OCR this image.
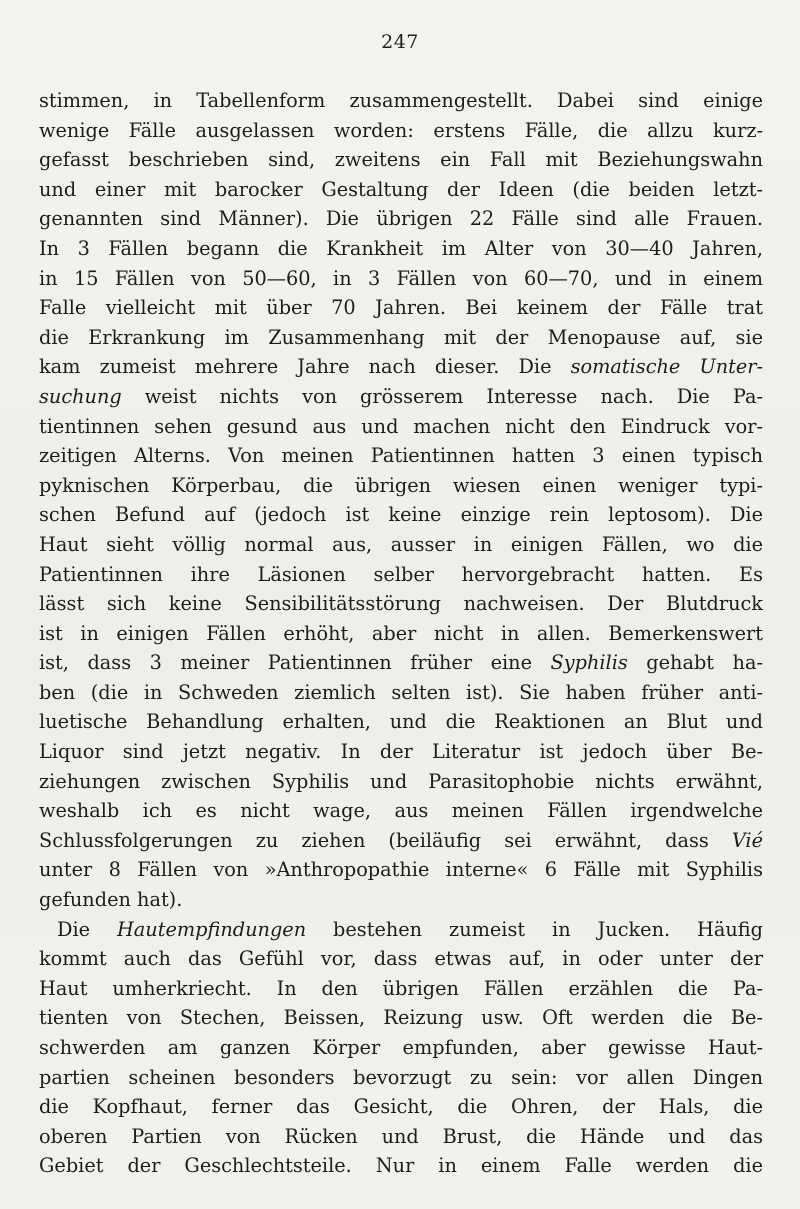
247
stimmen, in Tabellenform zusammengestellt. Dabei sind einige
wenige Fälle ausgelassen worden: erstens Fälle, die allzu kurz-
gefasst beschrieben sind, zweitens ein Fall mit Beziehungswahn
und einer mit barocker Gestaltung der Ideen (die beiden letzt-
genannten sind Männer). Die übrigen 22 Fälle sind alle Frauen.
In 3 Fällen begann die Krankheit im Alter von 30—40 Jahren,
in 15 Fällen von 50—60, in 3 Fällen von 60—70, und in einem
Falle vielleicht mit über 70 Jahren. Bei keinem der Fälle trat
die Erkrankung im Zusammenhang mit der Menopause auf, sie
kam zumeist mehrere Jahre nach dieser. Die somatische Unter-
suchung weist nichts von grösserem Interesse nach. Die Pa-
tientinnen sehen gesund aus und machen nicht den Eindruck vor-
zeitigen Alterns. Von meinen Patientinnen hatten 3 einen typisch
pyknischen Körperbau, die übrigen wiesen einen weniger typi-
schen Befund auf (jedoch ist keine einzige rein leptosom). Die
Haut sieht völlig normal aus, ausser in einigen Fällen, wo die
Patientinnen ihre Läsionen selber hervorgebracht hatten. Es
lässt sich keine Sensibilitätsstörung nachweisen. Der Blutdruck
ist in einigen Fällen erhöht, aber nicht in allen. Bemerkenswert
ist, dass 3 meiner Patientinnen früher eine Syphilis gehabt ha-
ben (die in Schweden ziemlich selten ist). Sie haben früher anti-
luetische Behandlung erhalten, und die Reaktionen an Blut und
Liquor sind jetzt negativ. In der Literatur ist jedoch über Be-
ziehungen zwischen Syphilis und Parasitophobie nichts erwähnt,
weshalb ich es nicht wage, aus meinen Fällen irgendwelche
Schlussfolgerungen zu ziehen (beiläufig sei erwähnt, dass Vié
unter 8 Fällen von »Anthropopathie interne« 6 Fälle mit Syphilis
gefunden hat).
Die Hautempfindungen bestehen zumeist in Jucken. Häufig
kommt auch das Gefühl vor, dass etwas auf, in oder unter der
Haut umherkriecht. In den übrigen Fällen erzählen die Pa-
tienten von Stechen, Beissen, Reizung usw. Oft werden die Be-
schwerden am ganzen Körper empfunden, aber gewisse Haut-
partien scheinen besonders bevorzugt zu sein: vor allen Dingen
die Kopfhaut, ferner das Gesicht, die Ohren, der Hals, die
oberen Partien von Rücken und Brust, die Hände und das
Gebiet der Geschlechtsteile. Nur in einem Falle werden die
